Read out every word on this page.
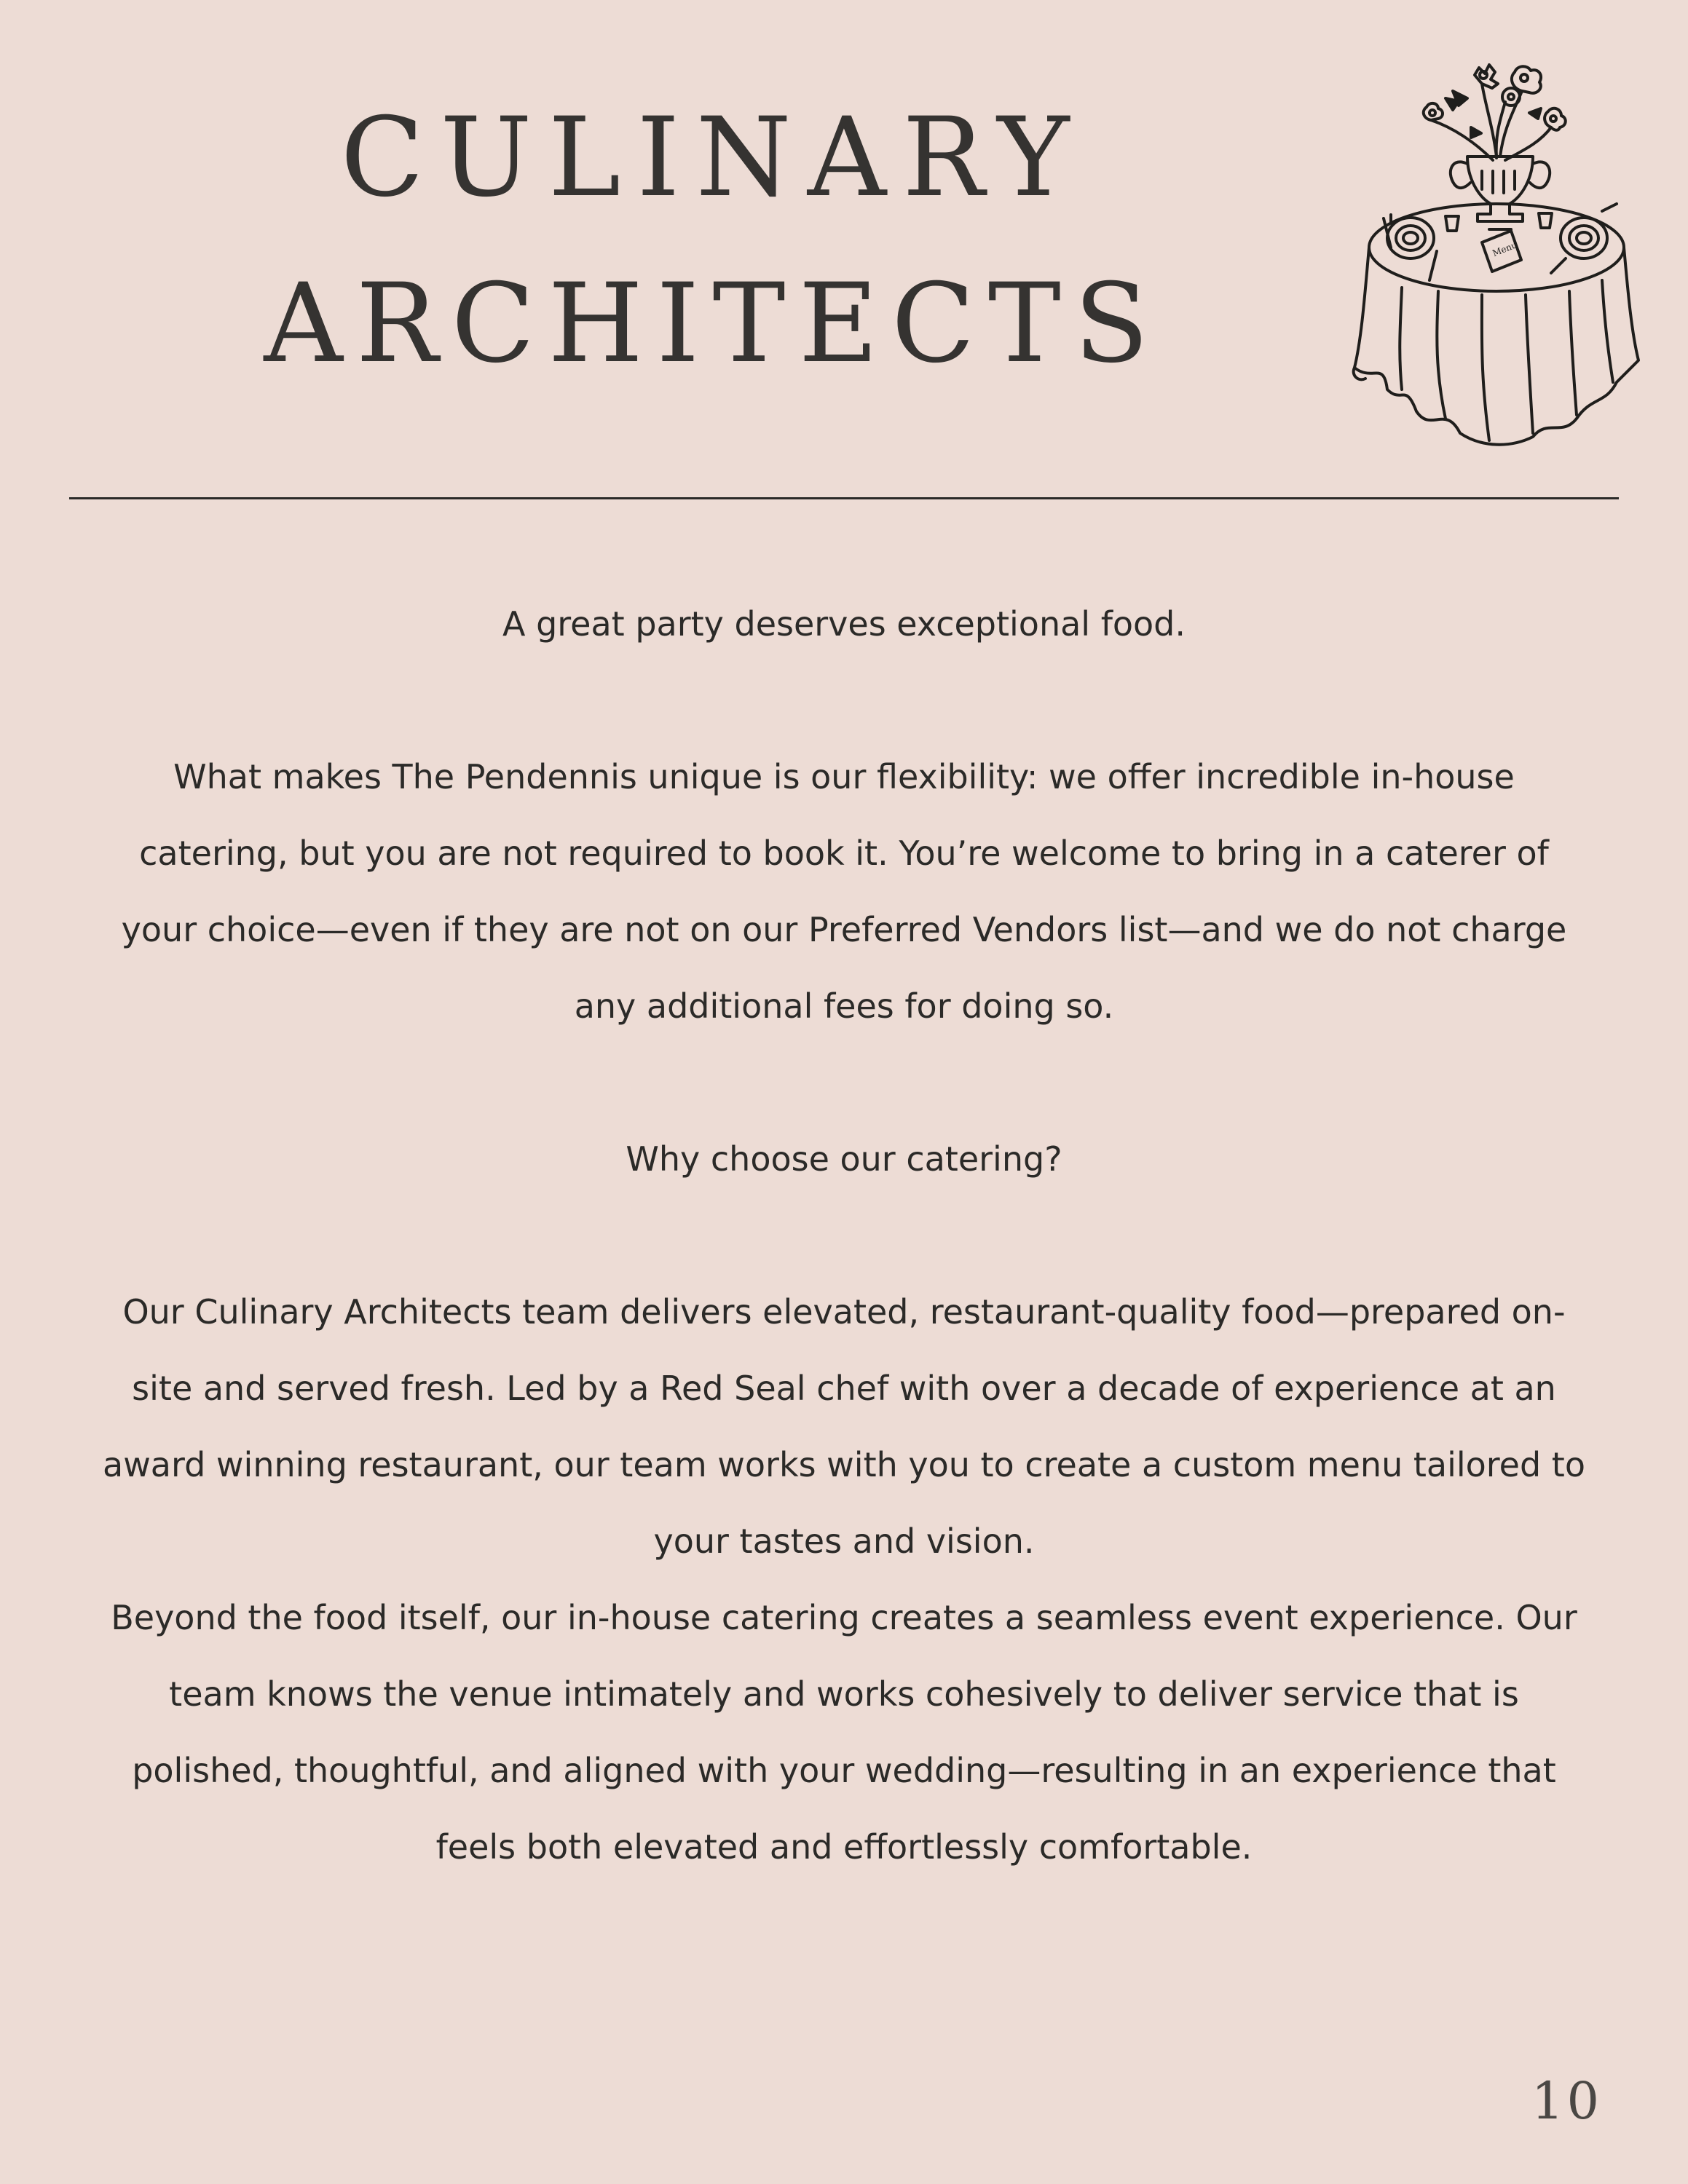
CULINARY
ARCHITECTS
Menu

A great party deserves exceptional food.

What makes The Pendennis unique is our flexibility: we offer incredible in-house catering, but you are not required to book it. You’re welcome to bring in a caterer of your choice—even if they are not on our Preferred Vendors list—and we do not charge any additional fees for doing so.

Why choose our catering?

Our Culinary Architects team delivers elevated, restaurant-quality food—prepared on-site and served fresh. Led by a Red Seal chef with over a decade of experience at an award winning restaurant, our team works with you to create a custom menu tailored to your tastes and vision.

Beyond the food itself, our in-house catering creates a seamless event experience. Our team knows the venue intimately and works cohesively to deliver service that is polished, thoughtful, and aligned with your wedding—resulting in an experience that feels both elevated and effortlessly comfortable.

10
